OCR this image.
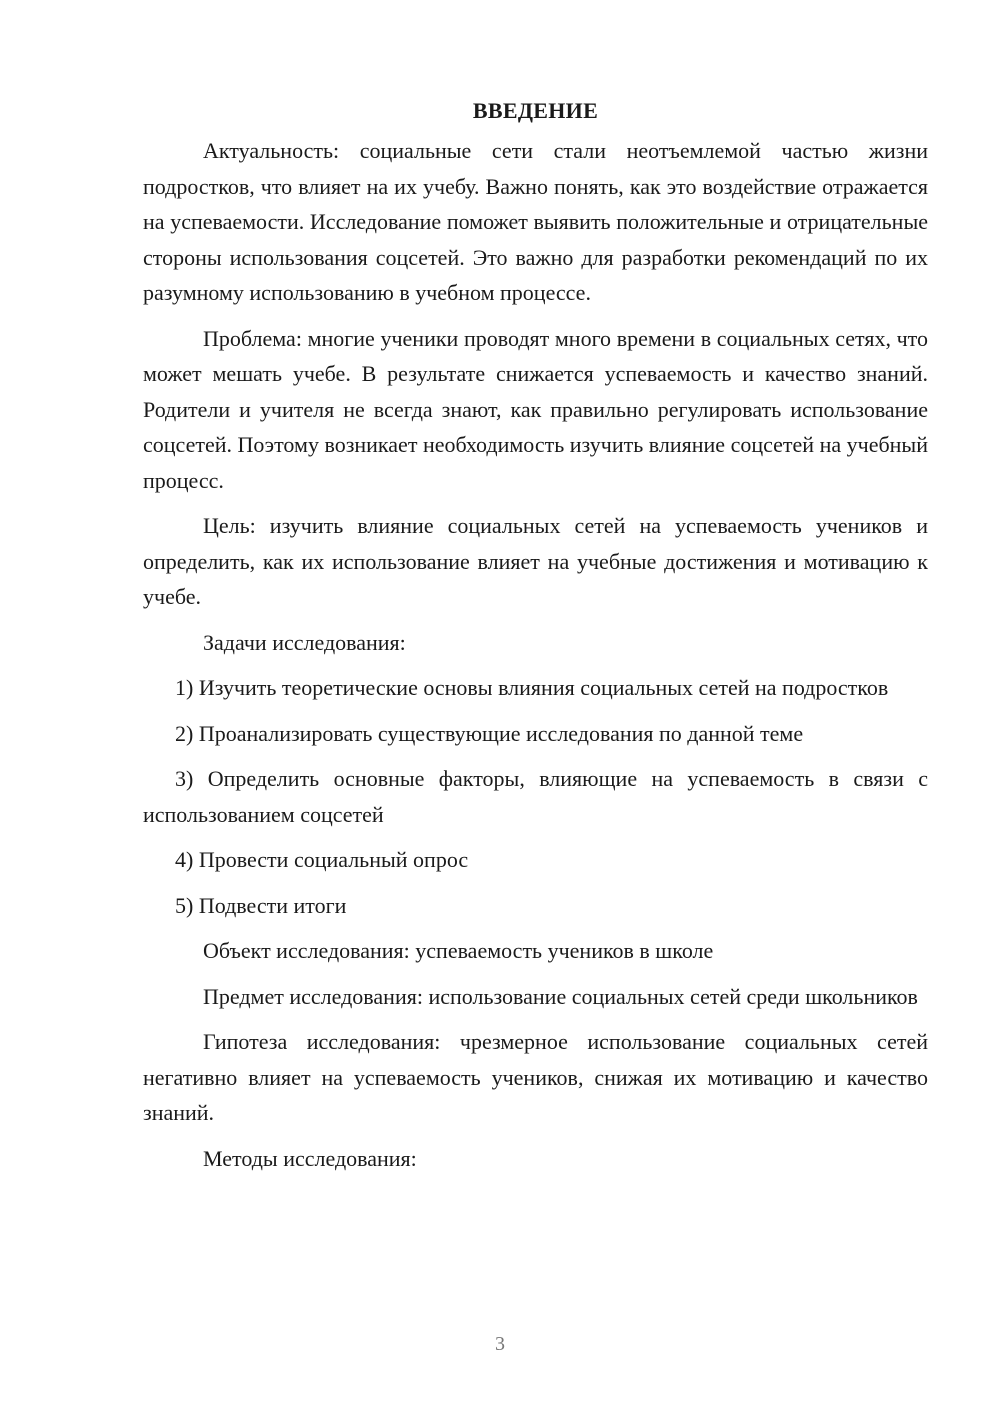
ВВЕДЕНИЕ

Актуальность: социальные сети стали неотъемлемой частью жизни подростков, что влияет на их учебу. Важно понять, как это воздействие отражается на успеваемости. Исследование поможет выявить положительные и отрицательные стороны использования соцсетей. Это важно для разработки рекомендаций по их разумному использованию в учебном процессе.

Проблема: многие ученики проводят много времени в социальных сетях, что может мешать учебе. В результате снижается успеваемость и качество знаний. Родители и учителя не всегда знают, как правильно регулировать использование соцсетей. Поэтому возникает необходимость изучить влияние соцсетей на учебный процесс.

Цель: изучить влияние социальных сетей на успеваемость учеников и определить, как их использование влияет на учебные достижения и мотивацию к учебе.

Задачи исследования:

1) Изучить теоретические основы влияния социальных сетей на подростков

2) Проанализировать существующие исследования по данной теме

3) Определить основные факторы, влияющие на успеваемость в связи с использованием соцсетей

4) Провести социальный опрос

5) Подвести итоги

Объект исследования: успеваемость учеников в школе

Предмет исследования: использование социальных сетей среди школьников

Гипотеза исследования: чрезмерное использование социальных сетей негативно влияет на успеваемость учеников, снижая их мотивацию и качество знаний.

Методы исследования:

3
